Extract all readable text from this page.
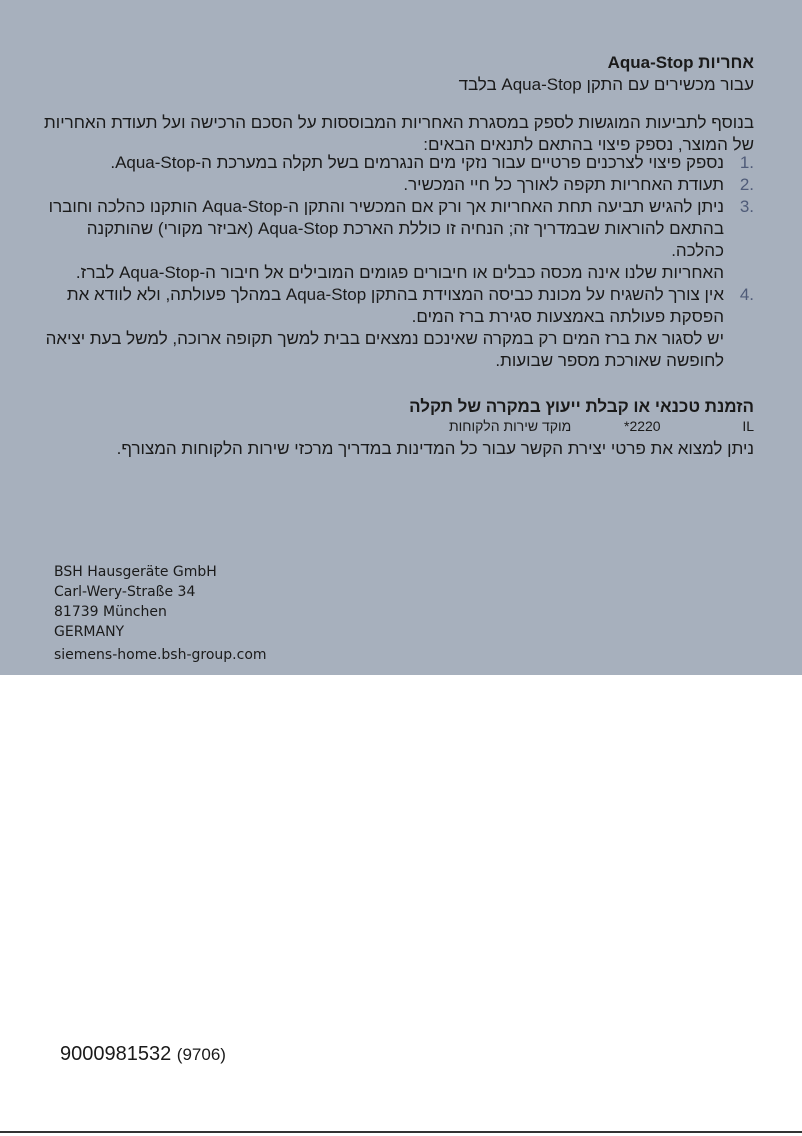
אחריות Aqua-Stop
עבור מכשירים עם התקן Aqua-Stop בלבד
בנוסף לתביעות המוגשות לספק במסגרת האחריות המבוססות על הסכם הרכישה ועל תעודת האחריות של המוצר, נספק פיצוי בהתאם לתנאים הבאים:
1.

נספק פיצוי לצרכנים פרטיים עבור נזקי מים הנגרמים בשל תקלה במערכת ה-Aqua-Stop.

2.

תעודת האחריות תקפה לאורך כל חיי המכשיר.

3.

ניתן להגיש תביעה תחת האחריות אך ורק אם המכשיר והתקן ה-Aqua-Stop הותקנו כהלכה וחוברו בהתאם להוראות שבמדריך זה; הנחיה זו כוללת הארכת Aqua-Stop (אביזר מקורי) שהותקנה כהלכה.

האחריות שלנו אינה מכסה כבלים או חיבורים פגומים המובילים אל חיבור ה-Aqua-Stop לברז.

4.

אין צורך להשגיח על מכונת כביסה המצוידת בהתקן Aqua-Stop במהלך פעולתה, ולא לוודא את הפסקת פעולתה באמצעות סגירת ברז המים.

יש לסגור את ברז המים רק במקרה שאינכם נמצאים בבית למשך תקופה ארוכה, למשל בעת יציאה לחופשה שאורכת מספר שבועות.

הזמנת טכנאי או קבלת ייעוץ במקרה של תקלה
IL
*2220
מוקד שירות הלקוחות
ניתן למצוא את פרטי יצירת הקשר עבור כל המדינות במדריך מרכזי שירות הלקוחות המצורף.
BSH Hausgeräte GmbH
Carl-Wery-Straße 34
81739 München
GERMANY
siemens-home.bsh-group.com
9000981532 (9706)
